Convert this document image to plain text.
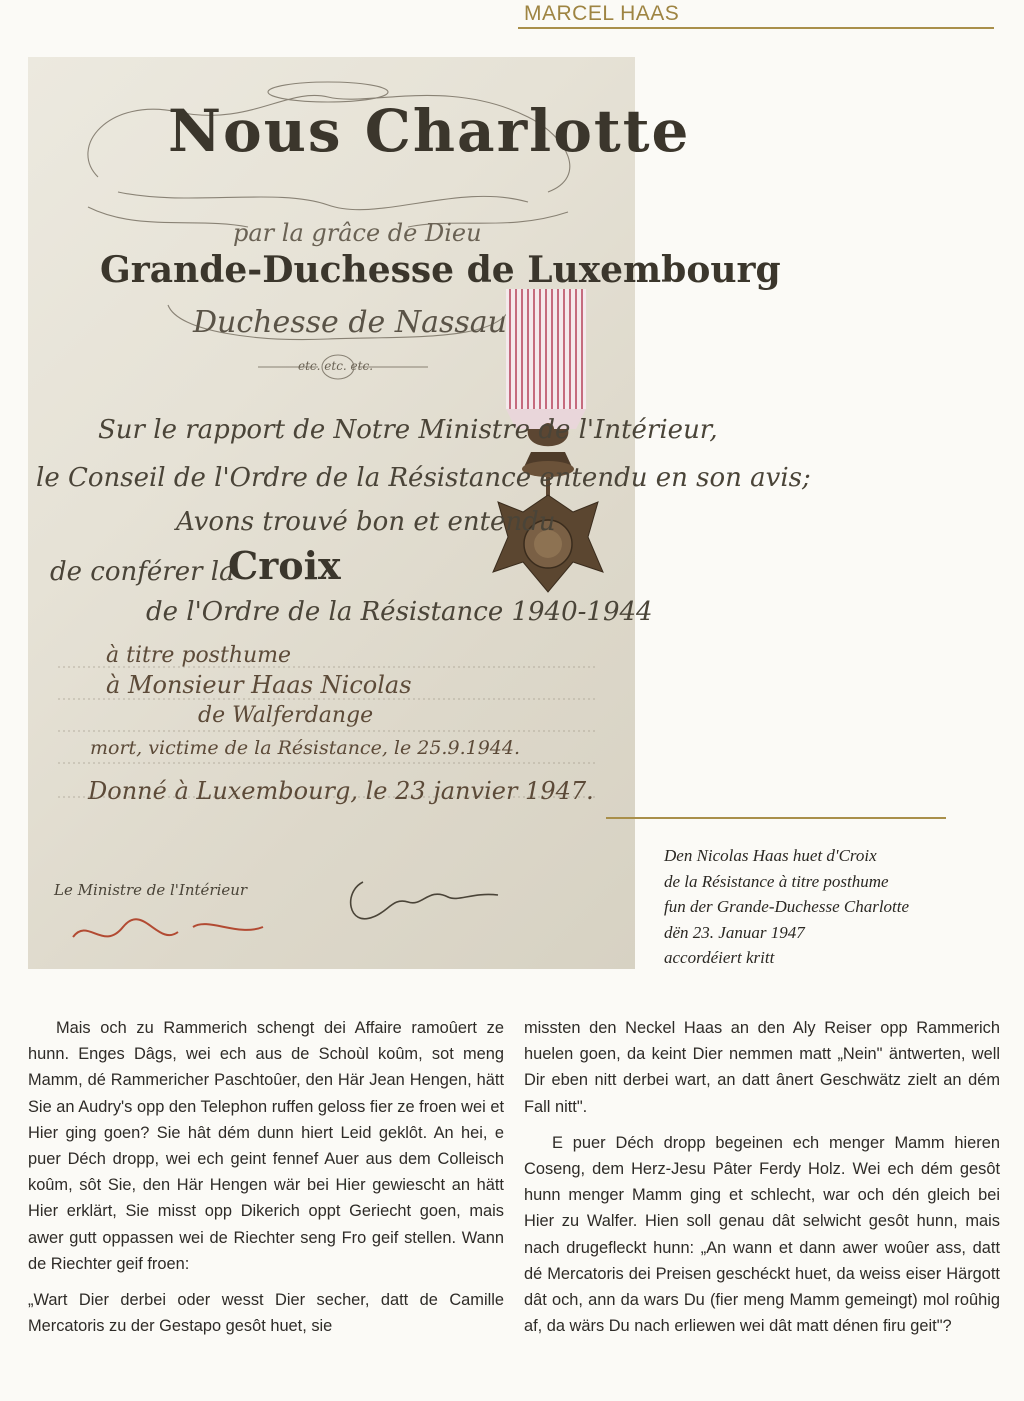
MARCEL HAAS
Nous Charlotte
par la grâce de Dieu
Grande-Duchesse de Luxembourg
Duchesse de Nassau
etc. etc. etc.
Sur le rapport de Notre Ministre de l'Intérieur,
le Conseil de l'Ordre de la Résistance entendu en son avis;
Avons trouvé bon et entendu
de conférer la
Croix
de l'Ordre de la Résistance 1940-1944
à titre posthume
à Monsieur Haas Nicolas
de Walferdange
mort, victime de la Résistance, le 25.9.1944.
Donné à Luxembourg, le 23 janvier 1947.
Le Ministre de l'Intérieur
Den Nicolas Haas huet d'Croix
de la Résistance à titre posthume
fun der Grande-Duchesse Charlotte
dën 23. Januar 1947
accordéiert kritt

Mais och zu Rammerich schengt dei Affaire ramoûert ze hunn. Enges Dâgs, wei ech aus de Schoùl koûm, sot meng Mamm, dé Rammericher Paschtoûer, den Här Jean Hengen, hätt Sie an Audry's opp den Telephon ruffen geloss fier ze froen wei et Hier ging goen? Sie hât dém dunn hiert Leid geklôt. An hei, e puer Déch dropp, wei ech geint fennef Auer aus dem Colleisch koûm, sôt Sie, den Här Hengen wär bei Hier gewiescht an hätt Hier erklärt, Sie misst opp Dikerich oppt Geriecht goen, mais awer gutt oppassen wei de Riechter seng Fro geif stellen. Wann de Riechter geif froen:

„Wart Dier derbei oder wesst Dier secher, datt de Camille Mercatoris zu der Gestapo gesôt huet, sie

missten den Neckel Haas an den Aly Reiser opp Rammerich huelen goen, da keint Dier nemmen matt „Nein" äntwerten, well Dir eben nitt derbei wart, an datt ânert Geschwätz zielt an dém Fall nitt".

E puer Déch dropp begeinen ech menger Mamm hieren Coseng, dem Herz-Jesu Pâter Ferdy Holz. Wei ech dém gesôt hunn menger Mamm ging et schlecht, war och dén gleich bei Hier zu Walfer. Hien soll genau dât selwicht gesôt hunn, mais nach drugefleckt hunn: „An wann et dann awer woûer ass, datt dé Mercatoris dei Preisen geschéckt huet, da weiss eiser Härgott dât och, ann da wars Du (fier meng Mamm gemeingt) mol roûhig af, da wärs Du nach erliewen wei dât matt dénen firu geit"?
